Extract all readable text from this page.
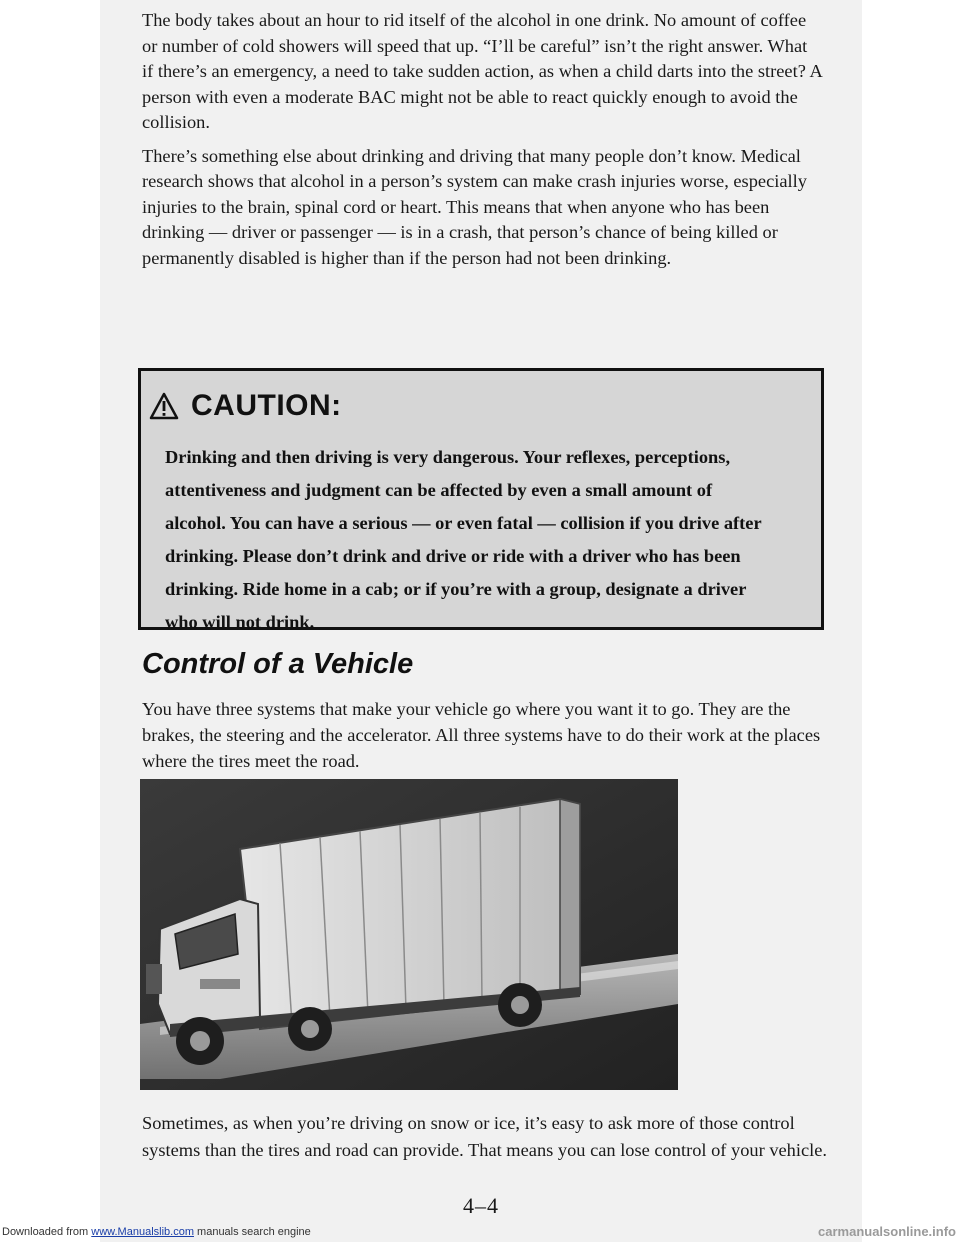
The body takes about an hour to rid itself of the alcohol in one drink. No amount of coffee or number of cold showers will speed that up. “I’ll be careful” isn’t the right answer. What if there’s an emergency, a need to take sudden action, as when a child darts into the street? A person with even a moderate BAC might not be able to react quickly enough to avoid the collision.

There’s something else about drinking and driving that many people don’t know. Medical research shows that alcohol in a person’s system can make crash injuries worse, especially injuries to the brain, spinal cord or heart. This means that when anyone who has been drinking — driver or passenger — is in a crash, that person’s chance of being killed or permanently disabled is higher than if the person had not been drinking.

CAUTION:
Drinking and then driving is very dangerous. Your reflexes, perceptions, attentiveness and judgment can be affected by even a small amount of alcohol. You can have a serious — or even fatal — collision if you drive after drinking. Please don’t drink and drive or ride with a driver who has been drinking. Ride home in a cab; or if you’re with a group, designate a driver who will not drink.
Control of a Vehicle

You have three systems that make your vehicle go where you want it to go. They are the brakes, the steering and the accelerator. All three systems have to do their work at the places where the tires meet the road.

Sometimes, as when you’re driving on snow or ice, it’s easy to ask more of those control systems than the tires and road can provide. That means you can lose control of your vehicle.

4–4
Downloaded from www.Manualslib.com manuals search engine	carmanualsonline.info
